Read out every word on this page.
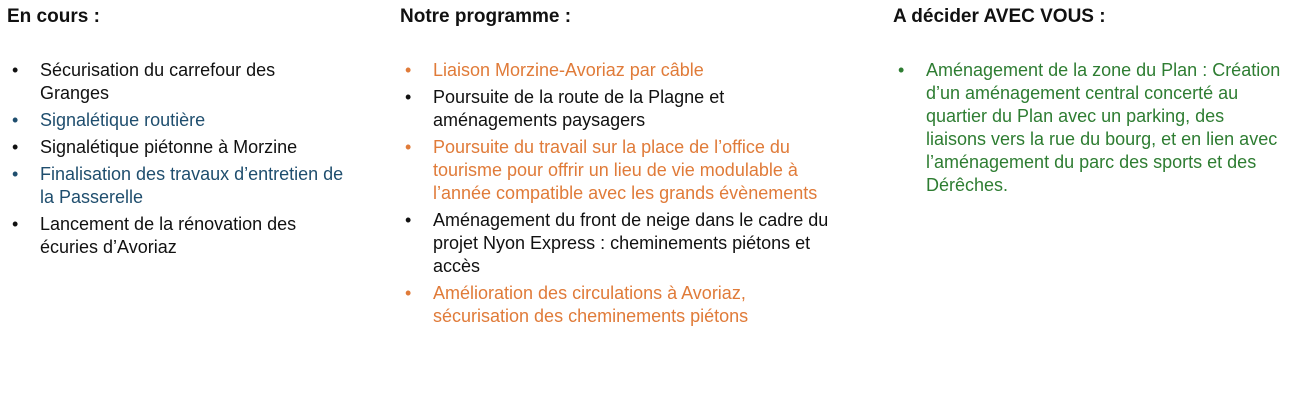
En cours :
• Sécurisation du carrefour des Granges
• Signalétique routière
• Signalétique piétonne à Morzine
• Finalisation des travaux d’entretien de la Passerelle
• Lancement de la rénovation des écuries d’Avoriaz
Notre programme :
• Liaison Morzine-Avoriaz par câble
• Poursuite de la route de la Plagne et aménagements paysagers
• Poursuite du travail sur la place de l’office du tourisme pour offrir un lieu de vie modulable à l’année compatible avec les grands évènements
• Aménagement du front de neige dans le cadre du projet Nyon Express : cheminements piétons et accès
• Amélioration des circulations à Avoriaz, sécurisation des cheminements piétons
A décider AVEC VOUS :
• Aménagement de la zone du Plan : Création d’un aménagement central concerté au quartier du Plan avec un parking, des liaisons vers la rue du bourg, et en lien avec l’aménagement du parc des sports et des Dérêches.
